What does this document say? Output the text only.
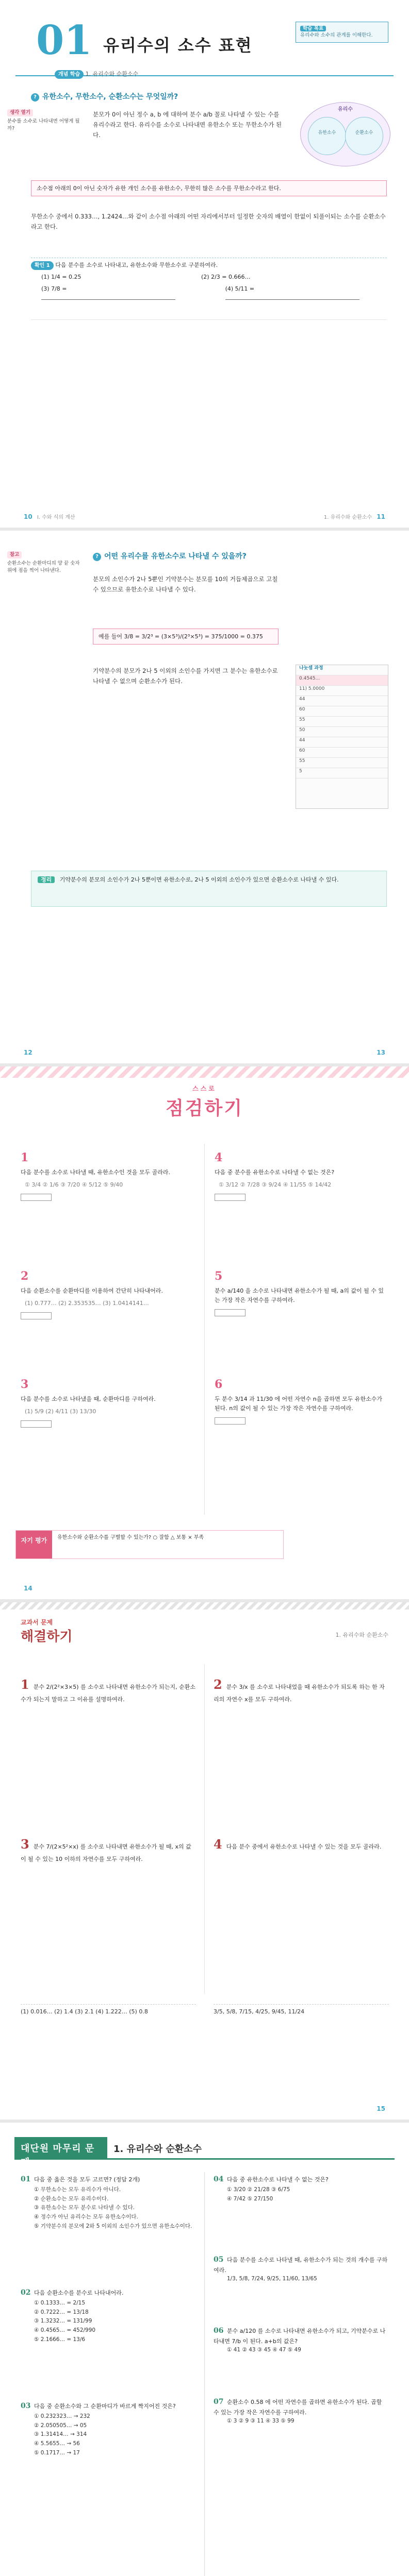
01 유리수의 소수 표현
개념 학습 1. 유리수와 순환소수
학습 목표
유리수와 소수의 관계를 이해한다.
? 유한소수, 무한소수, 순환소수는 무엇일까?
생각 열기
분수를 소수로 나타내면 어떻게 될까?
분모가 0이 아닌 정수 a, b 에 대하여 분수 a/b 꼴로 나타낼 수 있는 수를 유리수라고 한다. 유리수를 소수로 나타내면 유한소수 또는 무한소수가 된다.
유리수
유한소수	순환소수
소수점 아래의 0이 아닌 숫자가 유한 개인 소수를 유한소수, 무한히 많은 소수를 무한소수라고 한다.
무한소수 중에서 0.333…, 1.2424…와 같이 소수점 아래의 어떤 자리에서부터 일정한 숫자의 배열이 한없이 되풀이되는 소수를 순환소수라고 한다.
확인 1 다음 분수를 소수로 나타내고, 유한소수와 무한소수로 구분하여라.
(1) 1/4 = 0.25	(2) 2/3 = 0.666…
(3) 7/8 =	(4) 5/11 =
10 Ⅰ. 수와 식의 계산	1. 유리수와 순환소수 11
참고
순환소수는 순환마디의 양 끝 숫자 위에 점을 찍어 나타낸다.
? 어떤 유리수를 유한소수로 나타낼 수 있을까?
분모의 소인수가 2나 5뿐인 기약분수는 분모를 10의 거듭제곱으로 고칠 수 있으므로 유한소수로 나타낼 수 있다.
예를 들어 3/8 = 3/2³ = (3×5³)/(2³×5³) = 375/1000 = 0.375
기약분수의 분모가 2나 5 이외의 소인수를 가지면 그 분수는 유한소수로 나타낼 수 없으며 순환소수가 된다.
나눗셈 과정
0.4545…
11) 5.0000
44
60
55
50
44
60
55
5
정리 기약분수의 분모의 소인수가 2나 5뿐이면 유한소수로, 2나 5 이외의 소인수가 있으면 순환소수로 나타낼 수 있다.
12	13
스스로
점검하기
1
다음 분수를 소수로 나타낼 때, 유한소수인 것을 모두 골라라.
① 3/4 ② 1/6 ③ 7/20 ④ 5/12 ⑤ 9/40
2
다음 순환소수를 순환마디를 이용하여 간단히 나타내어라.
(1) 0.777… (2) 2.353535… (3) 1.0414141…
3
다음 분수를 소수로 나타냈을 때, 순환마디를 구하여라.
(1) 5/9 (2) 4/11 (3) 13/30
4
다음 중 분수를 유한소수로 나타낼 수 없는 것은?
① 3/12 ② 7/28 ③ 9/24 ④ 11/55 ⑤ 14/42
5
분수 a/140 을 소수로 나타내면 유한소수가 될 때, a의 값이 될 수 있는 가장 작은 자연수를 구하여라.
6
두 분수 3/14 과 11/30 에 어떤 자연수 n을 곱하면 모두 유한소수가 된다. n의 값이 될 수 있는 가장 작은 자연수를 구하여라.
자기 평가	유한소수와 순환소수를 구별할 수 있는가? ○ 잘함 △ 보통 × 부족
14
교과서 문제
해결하기	1. 유리수와 순환소수
1 분수 2/(2²×3×5) 를 소수로 나타내면 유한소수가 되는지, 순환소수가 되는지 말하고 그 이유를 설명하여라.
2 분수 3/x 를 소수로 나타내었을 때 유한소수가 되도록 하는 한 자리의 자연수 x를 모두 구하여라.
3 분수 7/(2×5²×x) 를 소수로 나타내면 유한소수가 될 때, x의 값이 될 수 있는 10 이하의 자연수를 모두 구하여라.
4 다음 분수 중에서 유한소수로 나타낼 수 있는 것을 모두 골라라.
(1) 0.016… (2) 1.4 (3) 2.1 (4) 1.222… (5) 0.8	3/5, 5/8, 7/15, 4/25, 9/45, 11/24
15
대단원 마무리 문제
1. 유리수와 순환소수
01 다음 중 옳은 것을 모두 고르면? (정답 2개)
① 무한소수는 모두 유리수가 아니다.
② 순환소수는 모두 유리수이다.
③ 유한소수는 모두 분수로 나타낼 수 있다.
④ 정수가 아닌 유리수는 모두 유한소수이다.
⑤ 기약분수의 분모에 2와 5 이외의 소인수가 있으면 유한소수이다.
02 다음 순환소수를 분수로 나타내어라.
① 0.1333… = 2/15
② 0.7222… = 13/18
③ 1.3232… = 131/99
④ 0.4565… = 452/990
⑤ 2.1666… = 13/6
03 다음 중 순환소수와 그 순환마디가 바르게 짝지어진 것은?
① 0.232323… → 232
② 2.050505… → 05
③ 1.31414… → 314
④ 5.5655… → 56
⑤ 0.1717… → 17
04 다음 중 유한소수로 나타낼 수 없는 것은?
① 3/20 ② 21/28 ③ 6/75
④ 7/42 ⑤ 27/150
05 다음 분수를 소수로 나타낼 때, 유한소수가 되는 것의 개수를 구하여라.
1/3, 5/8, 7/24, 9/25, 11/60, 13/65
06 분수 a/120 를 소수로 나타내면 유한소수가 되고, 기약분수로 나타내면 7/b 이 된다. a+b의 값은?
① 41 ② 43 ③ 45 ④ 47 ⑤ 49
07 순환소수 0.58 에 어떤 자연수를 곱하면 유한소수가 된다. 곱할 수 있는 가장 작은 자연수를 구하여라.
① 3 ② 9 ③ 11 ④ 33 ⑤ 99
